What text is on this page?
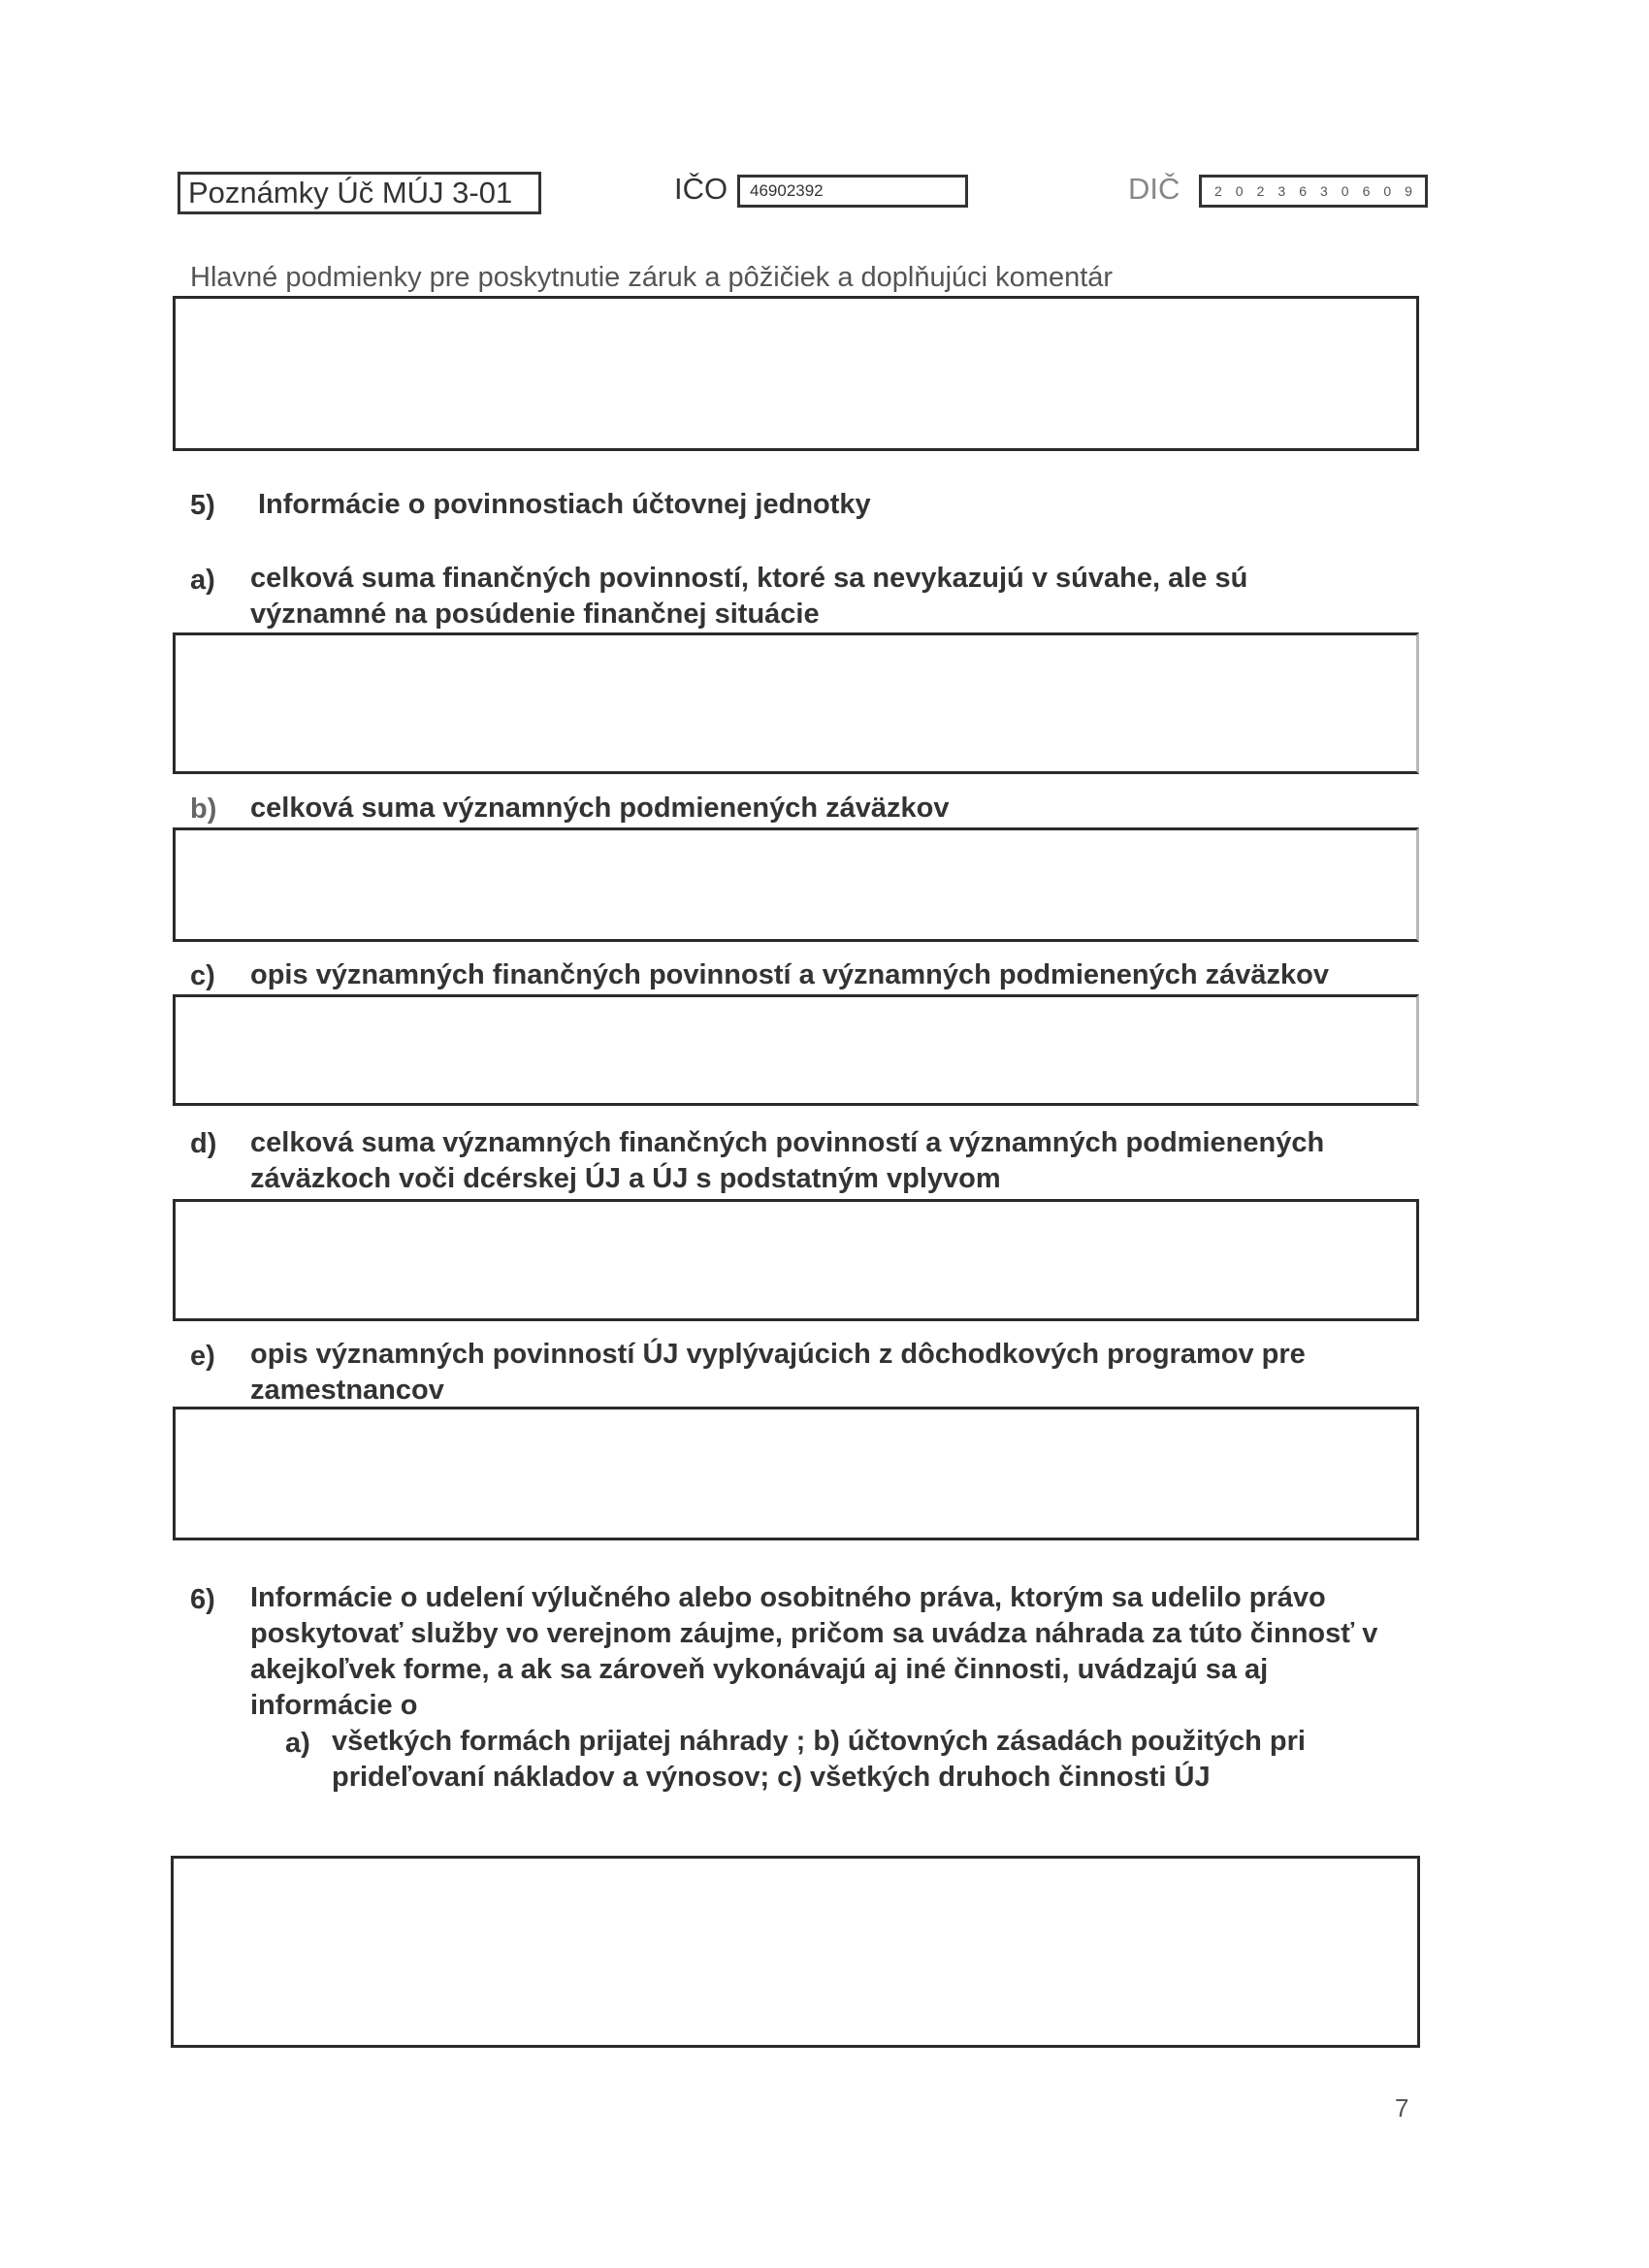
Poznámky Úč MÚJ 3-01	IČO	46902392	DIČ	2 0 2 3 6 3 0 6 0 9
Hlavné podmienky pre poskytnutie záruk a pôžičiek a doplňujúci komentár
5) Informácie o povinnostiach účtovnej jednotky
a) celková suma finančných povinností, ktoré sa nevykazujú v súvahe, ale sú významné na posúdenie finančnej situácie
b) celková suma významných podmienených záväzkov
c) opis významných finančných povinností a významných podmienených záväzkov
d) celková suma významných finančných povinností a významných podmienených záväzkoch voči dcérskej ÚJ a ÚJ s podstatným vplyvom
e) opis významných povinností ÚJ vyplývajúcich z dôchodkových programov pre zamestnancov
6) Informácie o udelení výlučného alebo osobitného práva, ktorým sa udelilo právo poskytovať služby vo verejnom záujme, pričom sa uvádza náhrada za túto činnosť v akejkoľvek forme, a ak sa zároveň vykonávajú aj iné činnosti, uvádzajú sa aj informácie o
a) všetkých formách prijatej náhrady ; b) účtovných zásadách použitých pri prideľovaní nákladov a výnosov; c) všetkých druhoch činnosti ÚJ
7
